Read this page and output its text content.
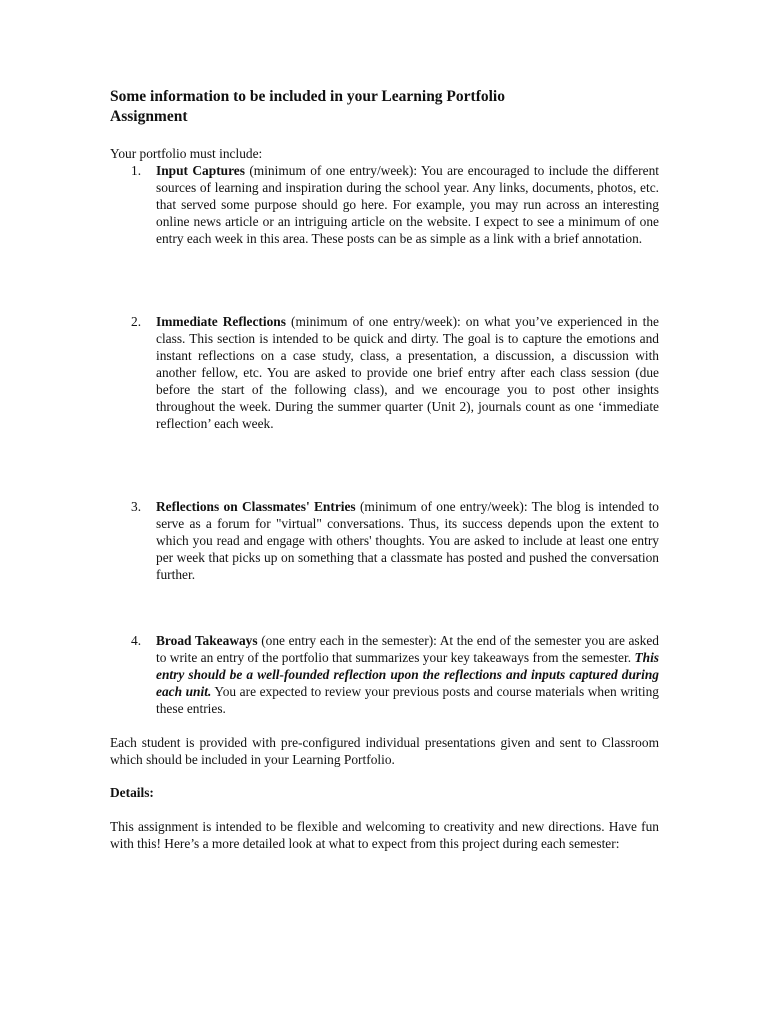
Some information to be included in your Learning Portfolio
Assignment

Your portfolio must include:

1. Input Captures (minimum of one entry/week): You are encouraged to include the different sources of learning and inspiration during the school year. Any links, documents, photos, etc. that served some purpose should go here. For example, you may run across an interesting online news article or an intriguing article on the website. I expect to see a minimum of one entry each week in this area. These posts can be as simple as a link with a brief annotation.
2. Immediate Reflections (minimum of one entry/week): on what you’ve experienced in the class. This section is intended to be quick and dirty. The goal is to capture the emotions and instant reflections on a case study, class, a presentation, a discussion, a discussion with another fellow, etc. You are asked to provide one brief entry after each class session (due before the start of the following class), and we encourage you to post other insights throughout the week. During the summer quarter (Unit 2), journals count as one ‘immediate reflection’ each week.
3. Reflections on Classmates' Entries (minimum of one entry/week): The blog is intended to serve as a forum for "virtual" conversations. Thus, its success depends upon the extent to which you read and engage with others' thoughts. You are asked to include at least one entry per week that picks up on something that a classmate has posted and pushed the conversation further.
4. Broad Takeaways (one entry each in the semester): At the end of the semester you are asked to write an entry of the portfolio that summarizes your key takeaways from the semester. This entry should be a well-founded reflection upon the reflections and inputs captured during each unit. You are expected to review your previous posts and course materials when writing these entries.

Each student is provided with pre-configured individual presentations given and sent to Classroom which should be included in your Learning Portfolio.

Details:

This assignment is intended to be flexible and welcoming to creativity and new directions. Have fun with this! Here’s a more detailed look at what to expect from this project during each semester:
